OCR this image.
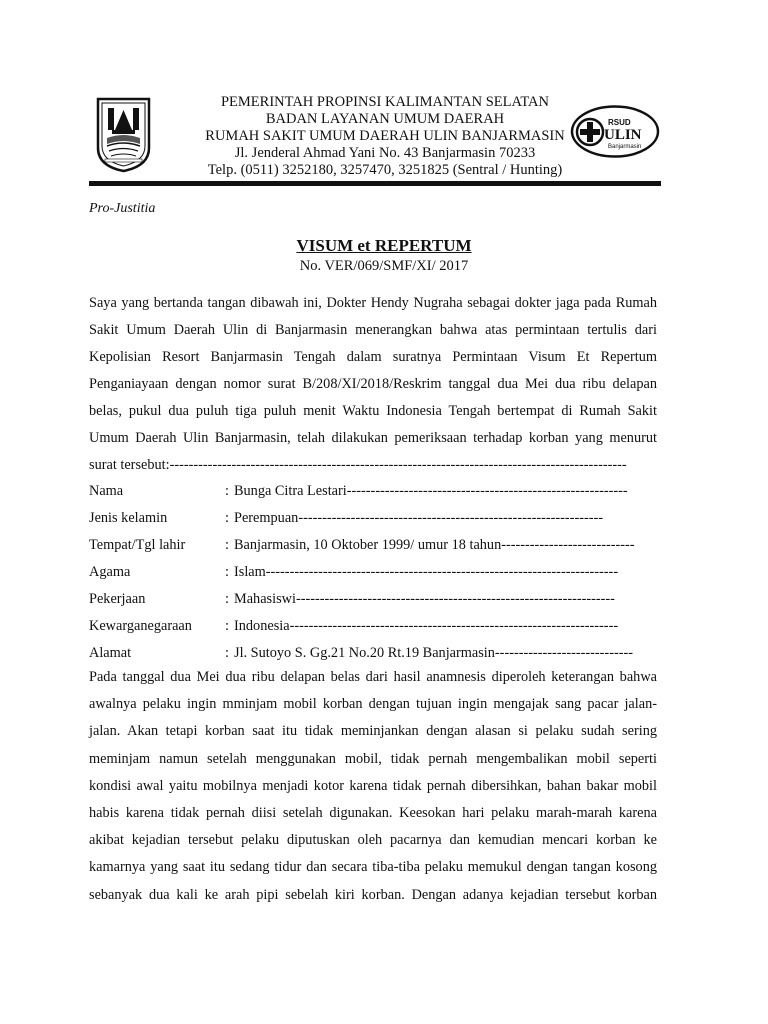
PEMERINTAH PROPINSI KALIMANTAN SELATAN
BADAN LAYANAN UMUM DAERAH
RUMAH SAKIT UMUM DAERAH ULIN BANJARMASIN
Jl. Jenderal Ahmad Yani No. 43 Banjarmasin 70233
Telp. (0511) 3252180, 3257470, 3251825 (Sentral / Hunting)
RSUD
ULIN
Banjarmasin
Pro-Justitia
VISUM et REPERTUM
No. VER/069/SMF/XI/ 2017
Saya yang bertanda tangan dibawah ini, Dokter Hendy Nugraha sebagai dokter jaga pada Rumah
Sakit Umum Daerah Ulin di Banjarmasin menerangkan bahwa atas permintaan tertulis dari
Kepolisian Resort Banjarmasin Tengah dalam suratnya Permintaan Visum Et Repertum
Penganiayaan dengan nomor surat B/208/XI/2018/Reskrim tanggal dua Mei dua ribu delapan
belas, pukul dua puluh tiga puluh menit Waktu Indonesia Tengah bertempat di Rumah Sakit
Umum Daerah Ulin Banjarmasin, telah dilakukan pemeriksaan terhadap korban yang menurut
surat tersebut:------------------------------------------------------------------------------------------------
Nama	: Bunga Citra Lestari-----------------------------------------------------------
Jenis kelamin	: Perempuan----------------------------------------------------------------
Tempat/Tgl lahir	: Banjarmasin, 10 Oktober 1999/ umur 18 tahun----------------------------
Agama	: Islam--------------------------------------------------------------------------
Pekerjaan	: Mahasiswi-------------------------------------------------------------------
Kewarganegaraan : Indonesia---------------------------------------------------------------------
Alamat	: Jl. Sutoyo S. Gg.21 No.20 Rt.19 Banjarmasin-----------------------------
Pada tanggal dua Mei dua ribu delapan belas dari hasil anamnesis diperoleh keterangan bahwa
awalnya pelaku ingin mminjam mobil korban dengan tujuan ingin mengajak sang pacar jalan-
jalan. Akan tetapi korban saat itu tidak meminjankan dengan alasan si pelaku sudah sering
meminjam namun setelah menggunakan mobil, tidak pernah mengembalikan mobil seperti
kondisi awal yaitu mobilnya menjadi kotor karena tidak pernah dibersihkan, bahan bakar mobil
habis karena tidak pernah diisi setelah digunakan. Keesokan hari pelaku marah-marah karena
akibat kejadian tersebut pelaku diputuskan oleh pacarnya dan kemudian mencari korban ke
kamarnya yang saat itu sedang tidur dan secara tiba-tiba pelaku memukul dengan tangan kosong
sebanyak dua kali ke arah pipi sebelah kiri korban. Dengan adanya kejadian tersebut korban
